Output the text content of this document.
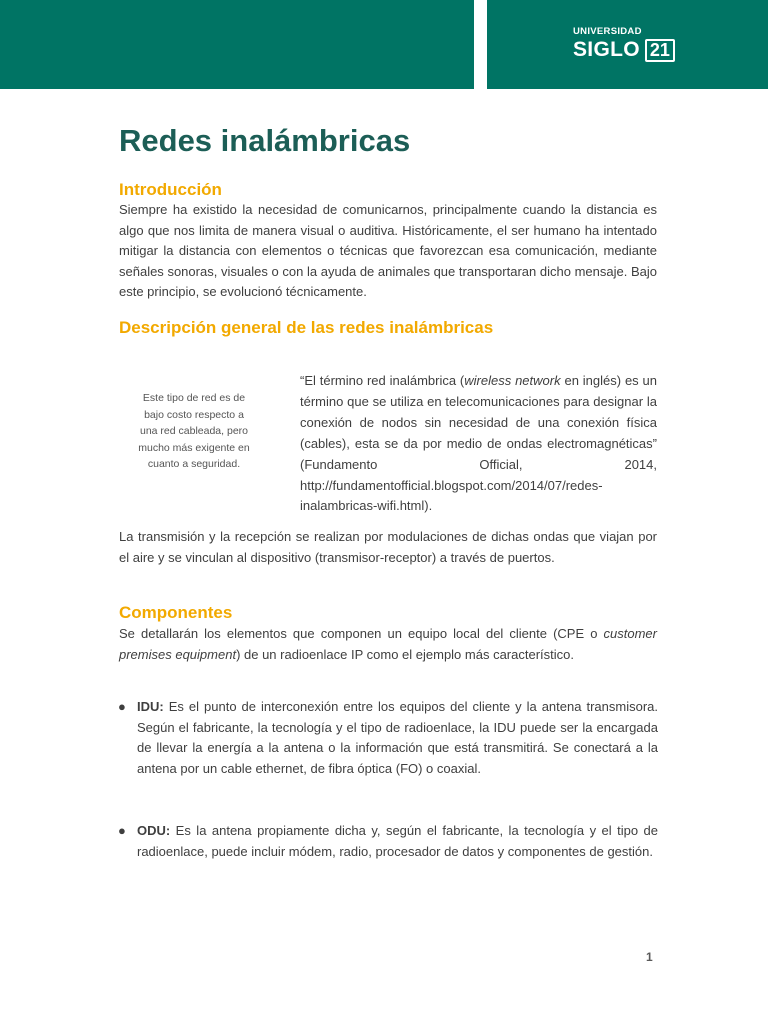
UNIVERSIDAD
SIGLO 21
Redes inalámbricas
Introducción

Siempre ha existido la necesidad de comunicarnos, principalmente cuando la distancia es algo que nos limita de manera visual o auditiva. Históricamente, el ser humano ha intentado mitigar la distancia con elementos o técnicas que favorezcan esa comunicación, mediante señales sonoras, visuales o con la ayuda de animales que transportaran dicho mensaje. Bajo este principio, se evolucionó técnicamente.

Descripción general de las redes inalámbricas

Este tipo de red es de bajo costo respecto a una red cableada, pero mucho más exigente en cuanto a seguridad.

“El término red inalámbrica (wireless network en inglés) es un término que se utiliza en telecomunicaciones para designar la conexión de nodos sin necesidad de una conexión física (cables), esta se da por medio de ondas electromagnéticas” (Fundamento Official, 2014, http://fundamentofficial.blogspot.com/2014/07/redes-inalambricas-wifi.html).

La transmisión y la recepción se realizan por modulaciones de dichas ondas que viajan por el aire y se vinculan al dispositivo (transmisor-receptor) a través de puertos.

Componentes

Se detallarán los elementos que componen un equipo local del cliente (CPE o customer premises equipment) de un radioenlace IP como el ejemplo más característico.

● IDU: Es el punto de interconexión entre los equipos del cliente y la antena transmisora. Según el fabricante, la tecnología y el tipo de radioenlace, la IDU puede ser la encargada de llevar la energía a la antena o la información que está transmitirá. Se conectará a la antena por un cable ethernet, de fibra óptica (FO) o coaxial.

● ODU: Es la antena propiamente dicha y, según el fabricante, la tecnología y el tipo de radioenlace, puede incluir módem, radio, procesador de datos y componentes de gestión.

1
